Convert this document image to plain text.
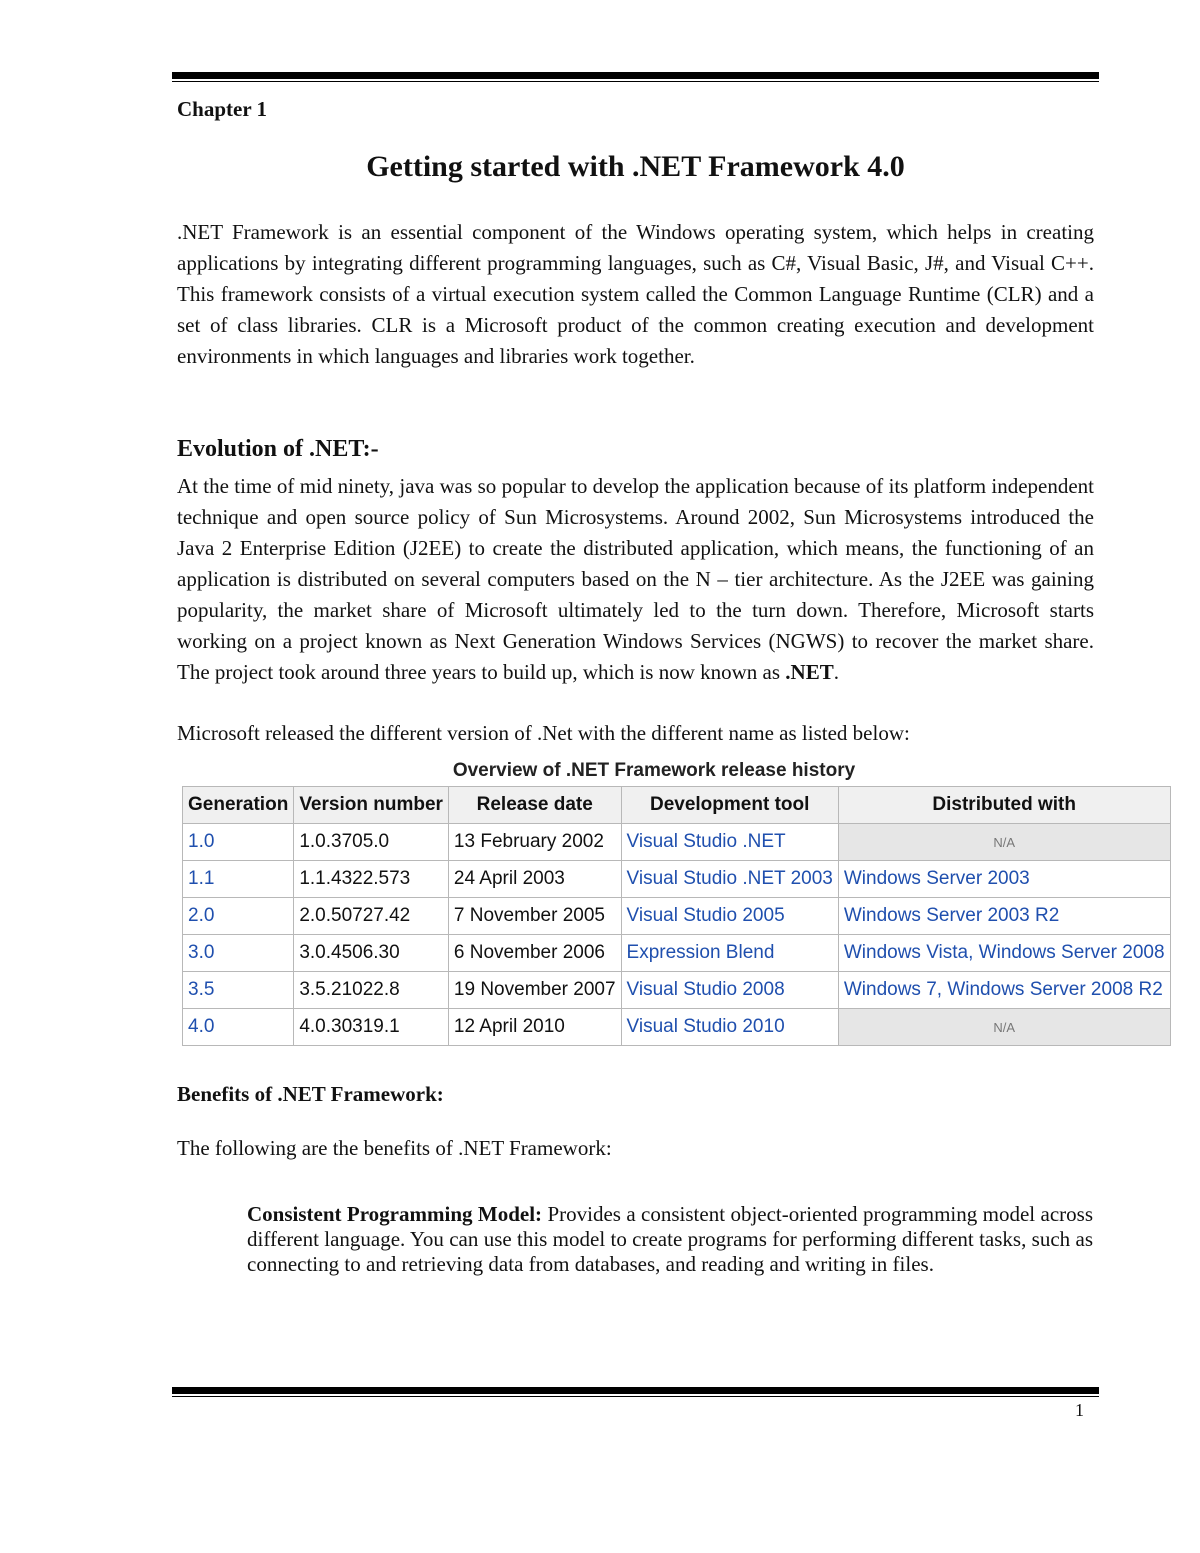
Chapter 1
Getting started with .NET Framework 4.0

.NET Framework is an essential component of the Windows operating system, which helps in creating applications by integrating different programming languages, such as C#, Visual Basic, J#, and Visual C++. This framework consists of a virtual execution system called the Common Language Runtime (CLR) and a set of class libraries. CLR is a Microsoft product of the common creating execution and development environments in which languages and libraries work together.

Evolution of .NET:-

At the time of mid ninety, java was so popular to develop the application because of its platform independent technique and open source policy of Sun Microsystems. Around 2002, Sun Microsystems introduced the Java 2 Enterprise Edition (J2EE) to create the distributed application, which means, the functioning of an application is distributed on several computers based on the N – tier architecture. As the J2EE was gaining popularity, the market share of Microsoft ultimately led to the turn down. Therefore, Microsoft starts working on a project known as Next Generation Windows Services (NGWS) to recover the market share. The project took around three years to build up, which is now known as .NET.

Microsoft released the different version of .Net with the different name as listed below:

Overview of .NET Framework release history
Generation	Version number	Release date	Development tool	Distributed with
1.0	1.0.3705.0	13 February 2002	Visual Studio .NET	N/A
1.1	1.1.4322.573	24 April 2003	Visual Studio .NET 2003	Windows Server 2003
2.0	2.0.50727.42	7 November 2005	Visual Studio 2005	Windows Server 2003 R2
3.0	3.0.4506.30	6 November 2006	Expression Blend	Windows Vista, Windows Server 2008
3.5	3.5.21022.8	19 November 2007	Visual Studio 2008	Windows 7, Windows Server 2008 R2
4.0	4.0.30319.1	12 April 2010	Visual Studio 2010	N/A
Benefits of .NET Framework:
The following are the benefits of .NET Framework:

Consistent Programming Model: Provides a consistent object-oriented programming model across different language. You can use this model to create programs for performing different tasks, such as connecting to and retrieving data from databases, and reading and writing in files.

1
